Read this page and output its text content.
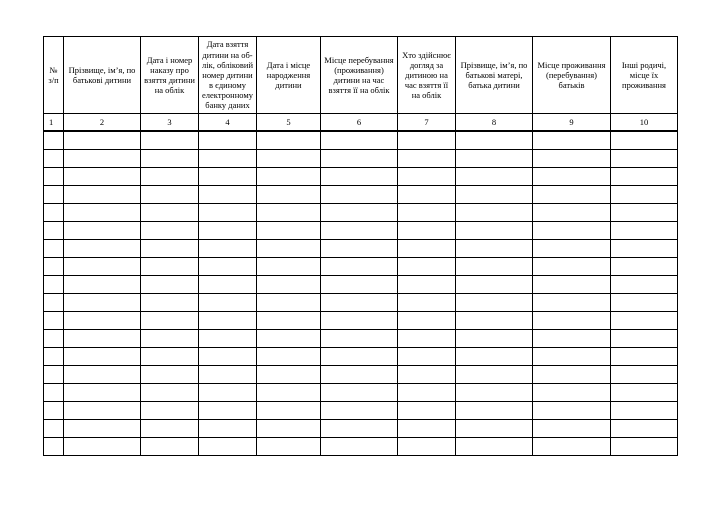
№ з/п	Прізвище, ім’я, по батькові дитини	Дата і номер наказу про взяття дитини на облік	Дата взяття дитини на об-лік, обліковий номер дитини в єдиному електронному банку даних	Дата і місце народження дитини	Місце перебування (проживання) дитини на час взяття її на облік	Хто здійснює догляд за дитиною на час взяття її на облік	Прізвище, ім’я, по батькові матері, батька дитини	Місце проживання (перебування) батьків	Інші родичі, місце їх проживання
1	2	3	4	5	6	7	8	9	10
